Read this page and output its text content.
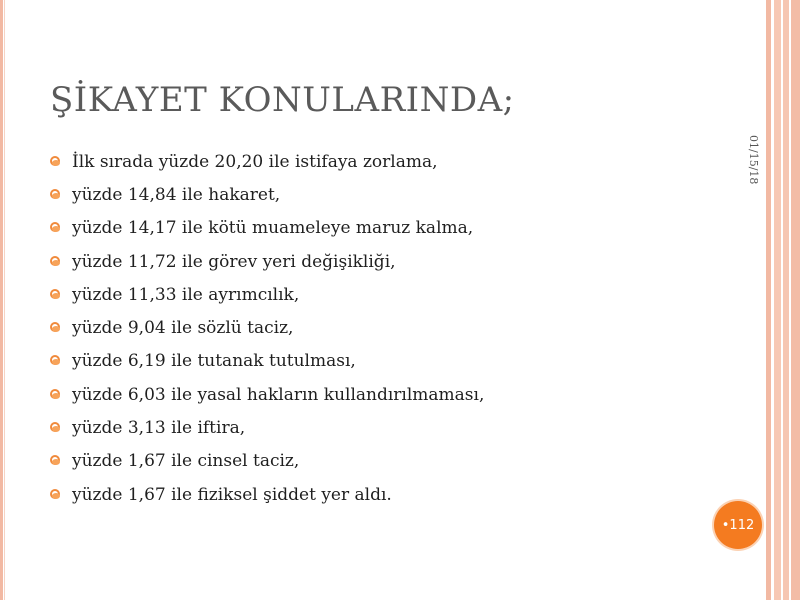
ŞİKAYET KONULARINDA;
01/15/18
İlk sırada yüzde 20,20 ile istifaya zorlama,
yüzde 14,84 ile hakaret,
yüzde 14,17 ile kötü muameleye maruz kalma,
yüzde 11,72 ile görev yeri değişikliği,
yüzde 11,33 ile ayrımcılık,
yüzde 9,04 ile sözlü taciz,
yüzde 6,19 ile tutanak tutulması,
yüzde 6,03 ile yasal hakların kullandırılmaması,
yüzde 3,13 ile iftira,
yüzde 1,67 ile cinsel taciz,
yüzde 1,67 ile fiziksel şiddet yer aldı.
•112
